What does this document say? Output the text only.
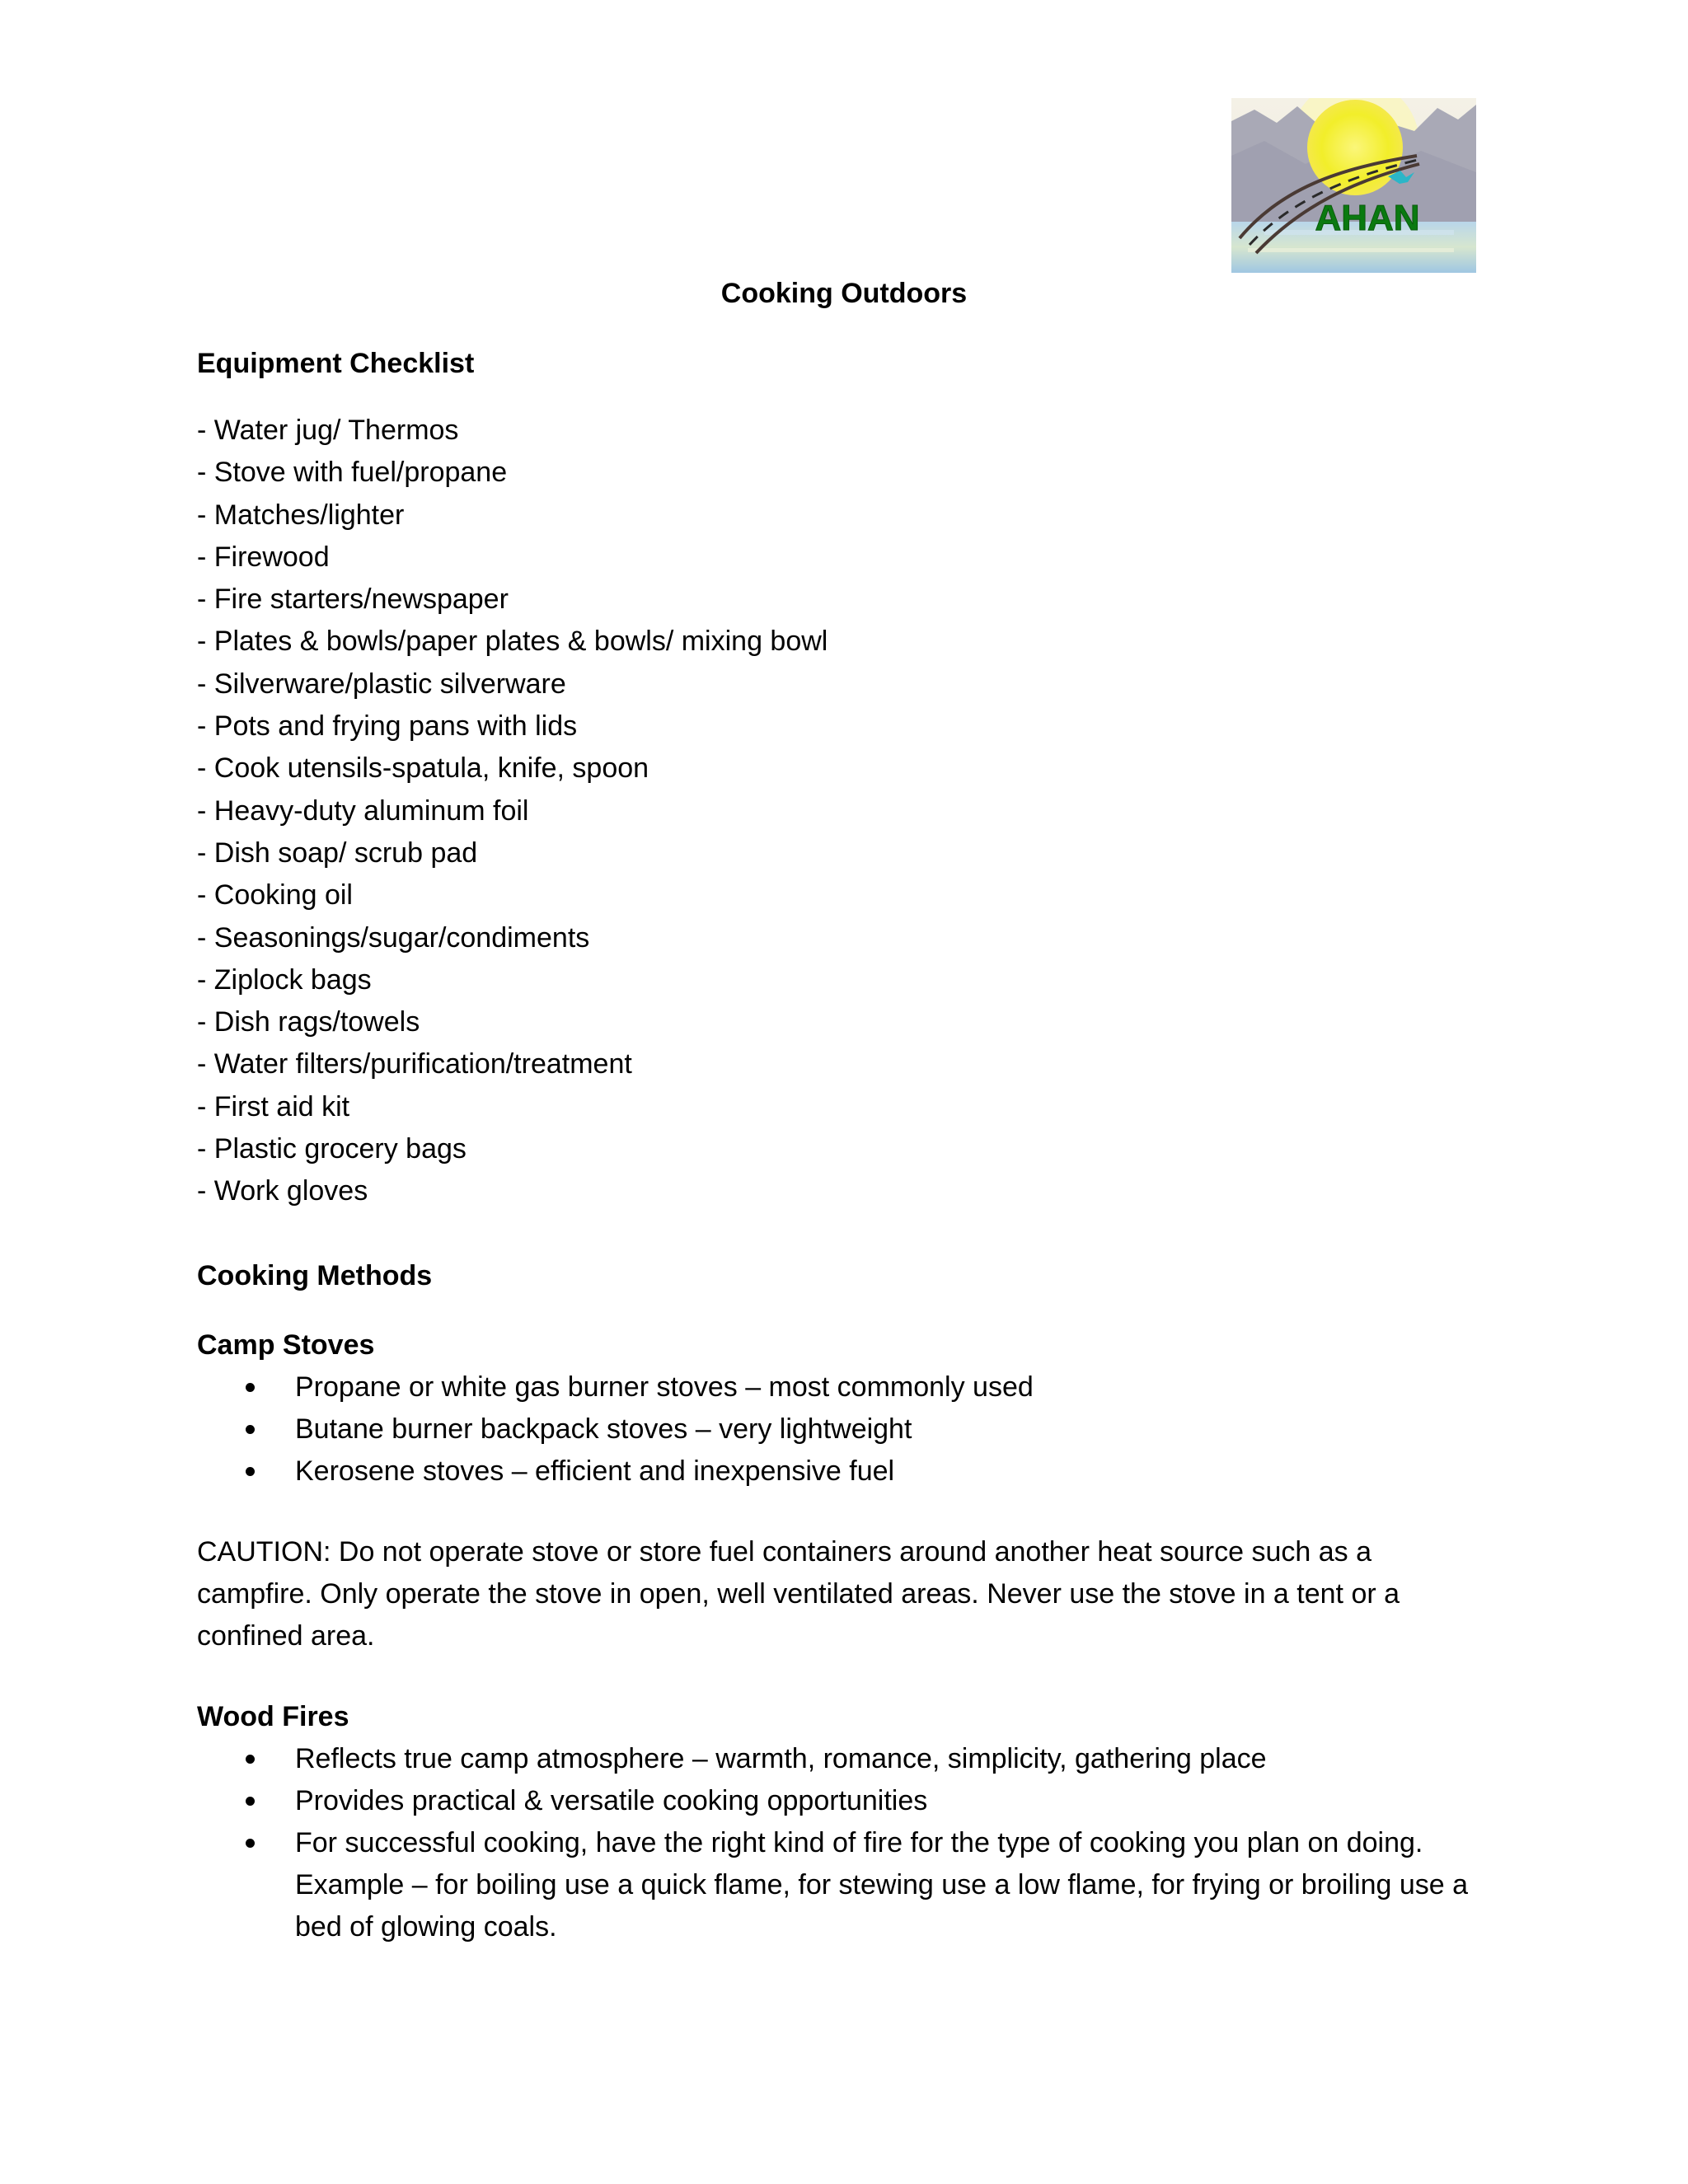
AHAN
Cooking Outdoors

Equipment Checklist

- Water jug/ Thermos
- Stove with fuel/propane
- Matches/lighter
- Firewood
- Fire starters/newspaper
- Plates & bowls/paper plates & bowls/ mixing bowl
- Silverware/plastic silverware
- Pots and frying pans with lids
- Cook utensils-spatula, knife, spoon
- Heavy-duty aluminum foil
- Dish soap/ scrub pad
- Cooking oil
- Seasonings/sugar/condiments
- Ziplock bags
- Dish rags/towels
- Water filters/purification/treatment
- First aid kit
- Plastic grocery bags
- Work gloves

Cooking Methods

Camp Stoves

Propane or white gas burner stoves – most commonly used
Butane burner backpack stoves – very lightweight
Kerosene stoves – efficient and inexpensive fuel

CAUTION: Do not operate stove or store fuel containers around another heat source such as a campfire. Only operate the stove in open, well ventilated areas. Never use the stove in a tent or a confined area.

Wood Fires

Reflects true camp atmosphere – warmth, romance, simplicity, gathering place
Provides practical & versatile cooking opportunities
For successful cooking, have the right kind of fire for the type of cooking you plan on doing. Example – for boiling use a quick flame, for stewing use a low flame, for frying or broiling use a bed of glowing coals.
